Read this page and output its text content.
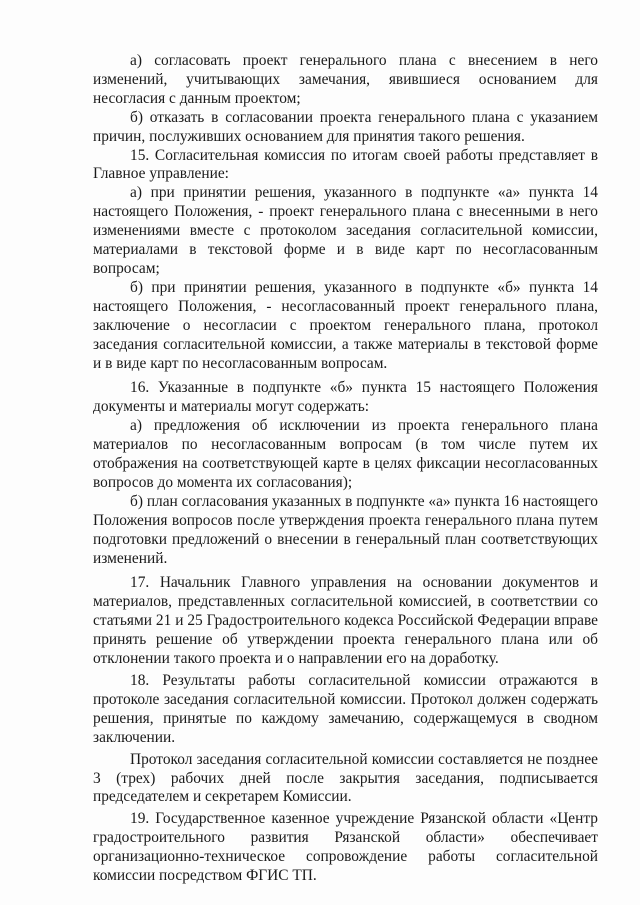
а) согласовать проект генерального плана с внесением в него изменений, учитывающих замечания, явившиеся основанием для несогласия с данным проектом;

б) отказать в согласовании проекта генерального плана с указанием причин, послуживших основанием для принятия такого решения.

15. Согласительная комиссия по итогам своей работы представляет в Главное управление:

а) при принятии решения, указанного в подпункте «а» пункта 14 настоящего Положения, - проект генерального плана с внесенными в него изменениями вместе с протоколом заседания согласительной комиссии, материалами в текстовой форме и в виде карт по несогласованным вопросам;

б) при принятии решения, указанного в подпункте «б» пункта 14 настоящего Положения, - несогласованный проект генерального плана, заключение о несогласии с проектом генерального плана, протокол заседания согласительной комиссии, а также материалы в текстовой форме и в виде карт по несогласованным вопросам.

16. Указанные в подпункте «б» пункта 15 настоящего Положения документы и материалы могут содержать:

а) предложения об исключении из проекта генерального плана материалов по несогласованным вопросам (в том числе путем их отображения на соответствующей карте в целях фиксации несогласованных вопросов до момента их согласования);

б) план согласования указанных в подпункте «а» пункта 16 настоящего Положения вопросов после утверждения проекта генерального плана путем подготовки предложений о внесении в генеральный план соответствующих изменений.

17. Начальник Главного управления на основании документов и материалов, представленных согласительной комиссией, в соответствии со статьями 21 и 25 Градостроительного кодекса Российской Федерации вправе принять решение об утверждении проекта генерального плана или об отклонении такого проекта и о направлении его на доработку.

18. Результаты работы согласительной комиссии отражаются в протоколе заседания согласительной комиссии. Протокол должен содержать решения, принятые по каждому замечанию, содержащемуся в сводном заключении.

Протокол заседания согласительной комиссии составляется не позднее 3 (трех) рабочих дней после закрытия заседания, подписывается председателем и секретарем Комиссии.

19. Государственное казенное учреждение Рязанской области «Центр градостроительного развития Рязанской области» обеспечивает организационно-техническое сопровождение работы согласительной комиссии посредством ФГИС ТП.
